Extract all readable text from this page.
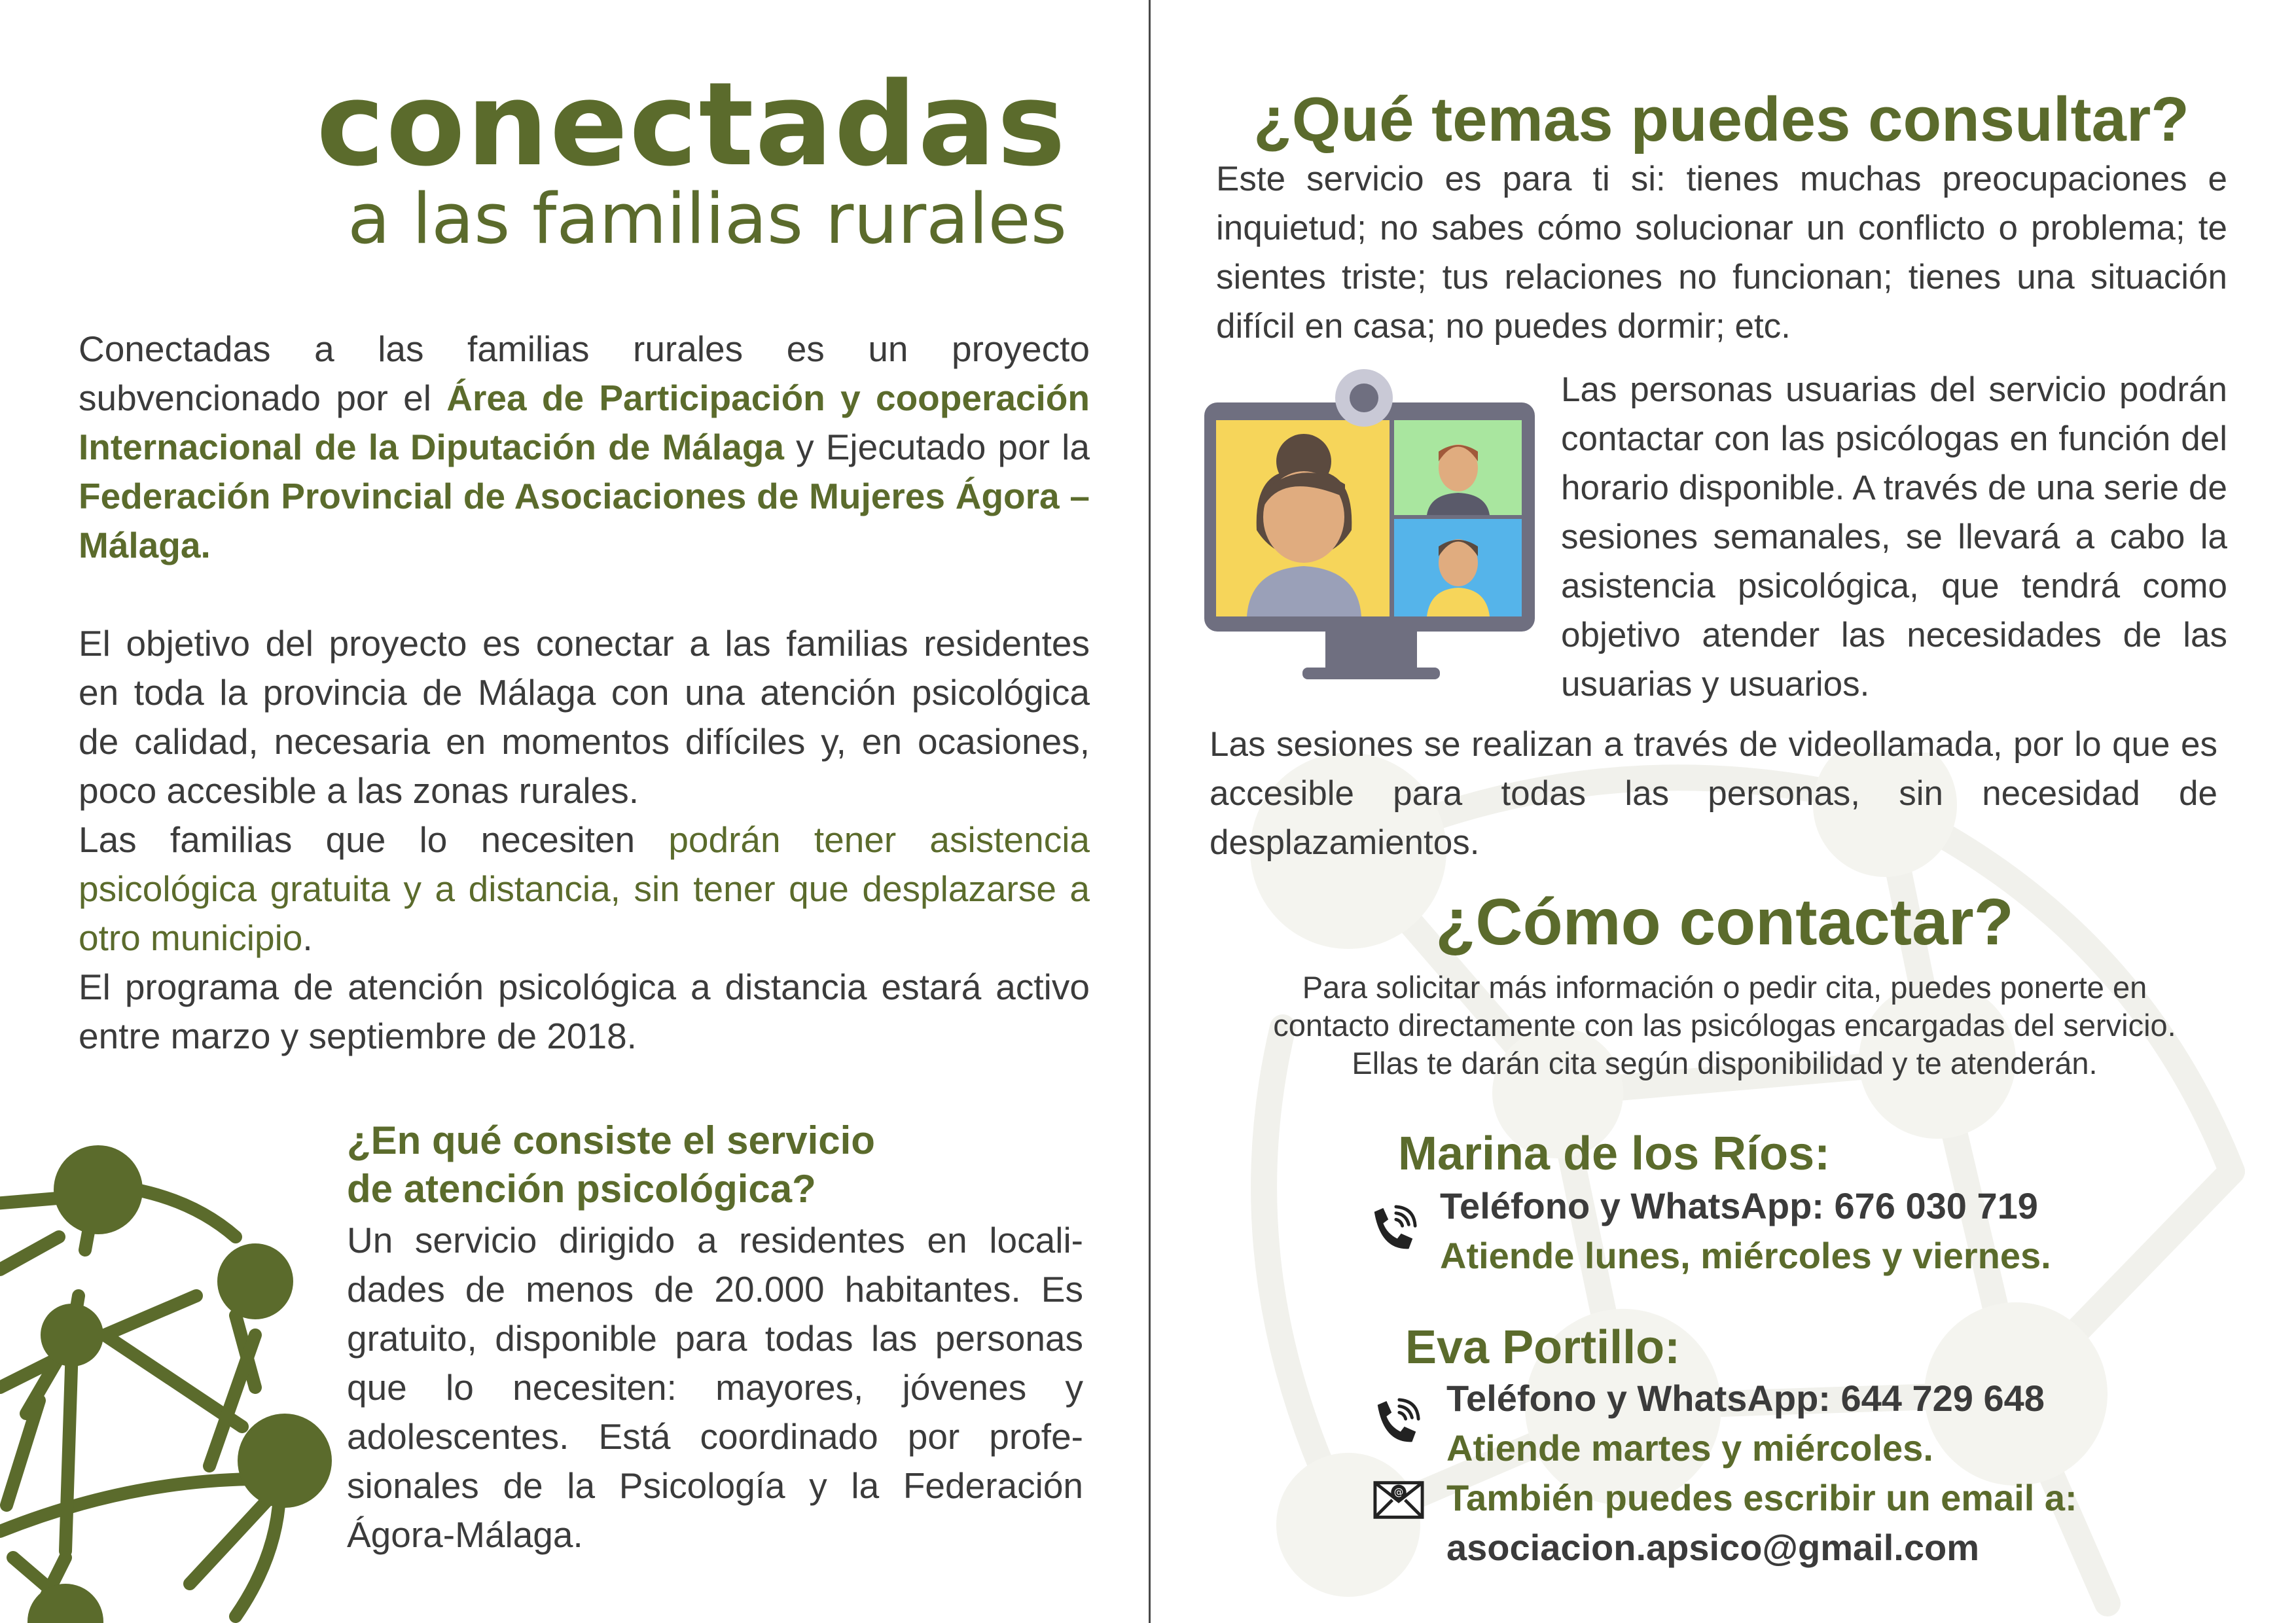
conectadas
a las familias rurales

Conectadas a las familias rurales es un proyecto subvencionado por el Área de Participación y cooperación Internacional de la Diputación de Málaga y Ejecutado por la Federación Provincial de Asociaciones de Mujeres Ágora – Málaga.

El objetivo del proyecto es conectar a las familias residentes en toda la provincia de Málaga con una atención psicológica de calidad, necesaria en momentos difíciles y, en ocasiones, poco accesible a las zonas rurales.

Las familias que lo necesiten podrán tener asistencia psicológica gratuita y a distancia, sin tener que desplazarse a otro municipio.

El programa de atención psicológica a distancia estará activo entre marzo y septiembre de 2018.

¿En qué consiste el servicio
de atención psicológica?
Un servicio dirigido a residentes en localidades de menos de 20.000 habitantes. Es gratuito, disponible para todas las personas que lo necesiten: mayores, jóvenes y adolescentes. Está coordinado por profesionales de la Psicología y la Federación Ágora-Málaga.
¿Qué temas puedes consultar?
Este servicio es para ti si: tienes muchas preocupaciones e inquietud; no sabes cómo solucionar un conflicto o problema; te sientes triste; tus relaciones no funcionan; tienes una situación difícil en casa; no puedes dormir; etc.
Las personas usuarias del servicio podrán contactar con las psicólogas en función del horario disponible. A través de una serie de sesiones semanales, se llevará a cabo la asistencia psicológica, que tendrá como objetivo atender las necesidades de las usuarias y usuarios.
Las sesiones se realizan a través de videollamada, por lo que es accesible para todas las personas, sin necesidad de desplazamientos.
¿Cómo contactar?
Para solicitar más información o pedir cita, puedes ponerte en
contacto directamente con las psicólogas encargadas del servicio.
Ellas te darán cita según disponibilidad y te atenderán.
Marina de los Ríos:
Teléfono y WhatsApp: 676 030 719
Atiende lunes, miércoles y viernes.
Eva Portillo:
Teléfono y WhatsApp: 644 729 648
Atiende martes y miércoles.
@ También puedes escribir un email a:
asociacion.apsico@gmail.com
